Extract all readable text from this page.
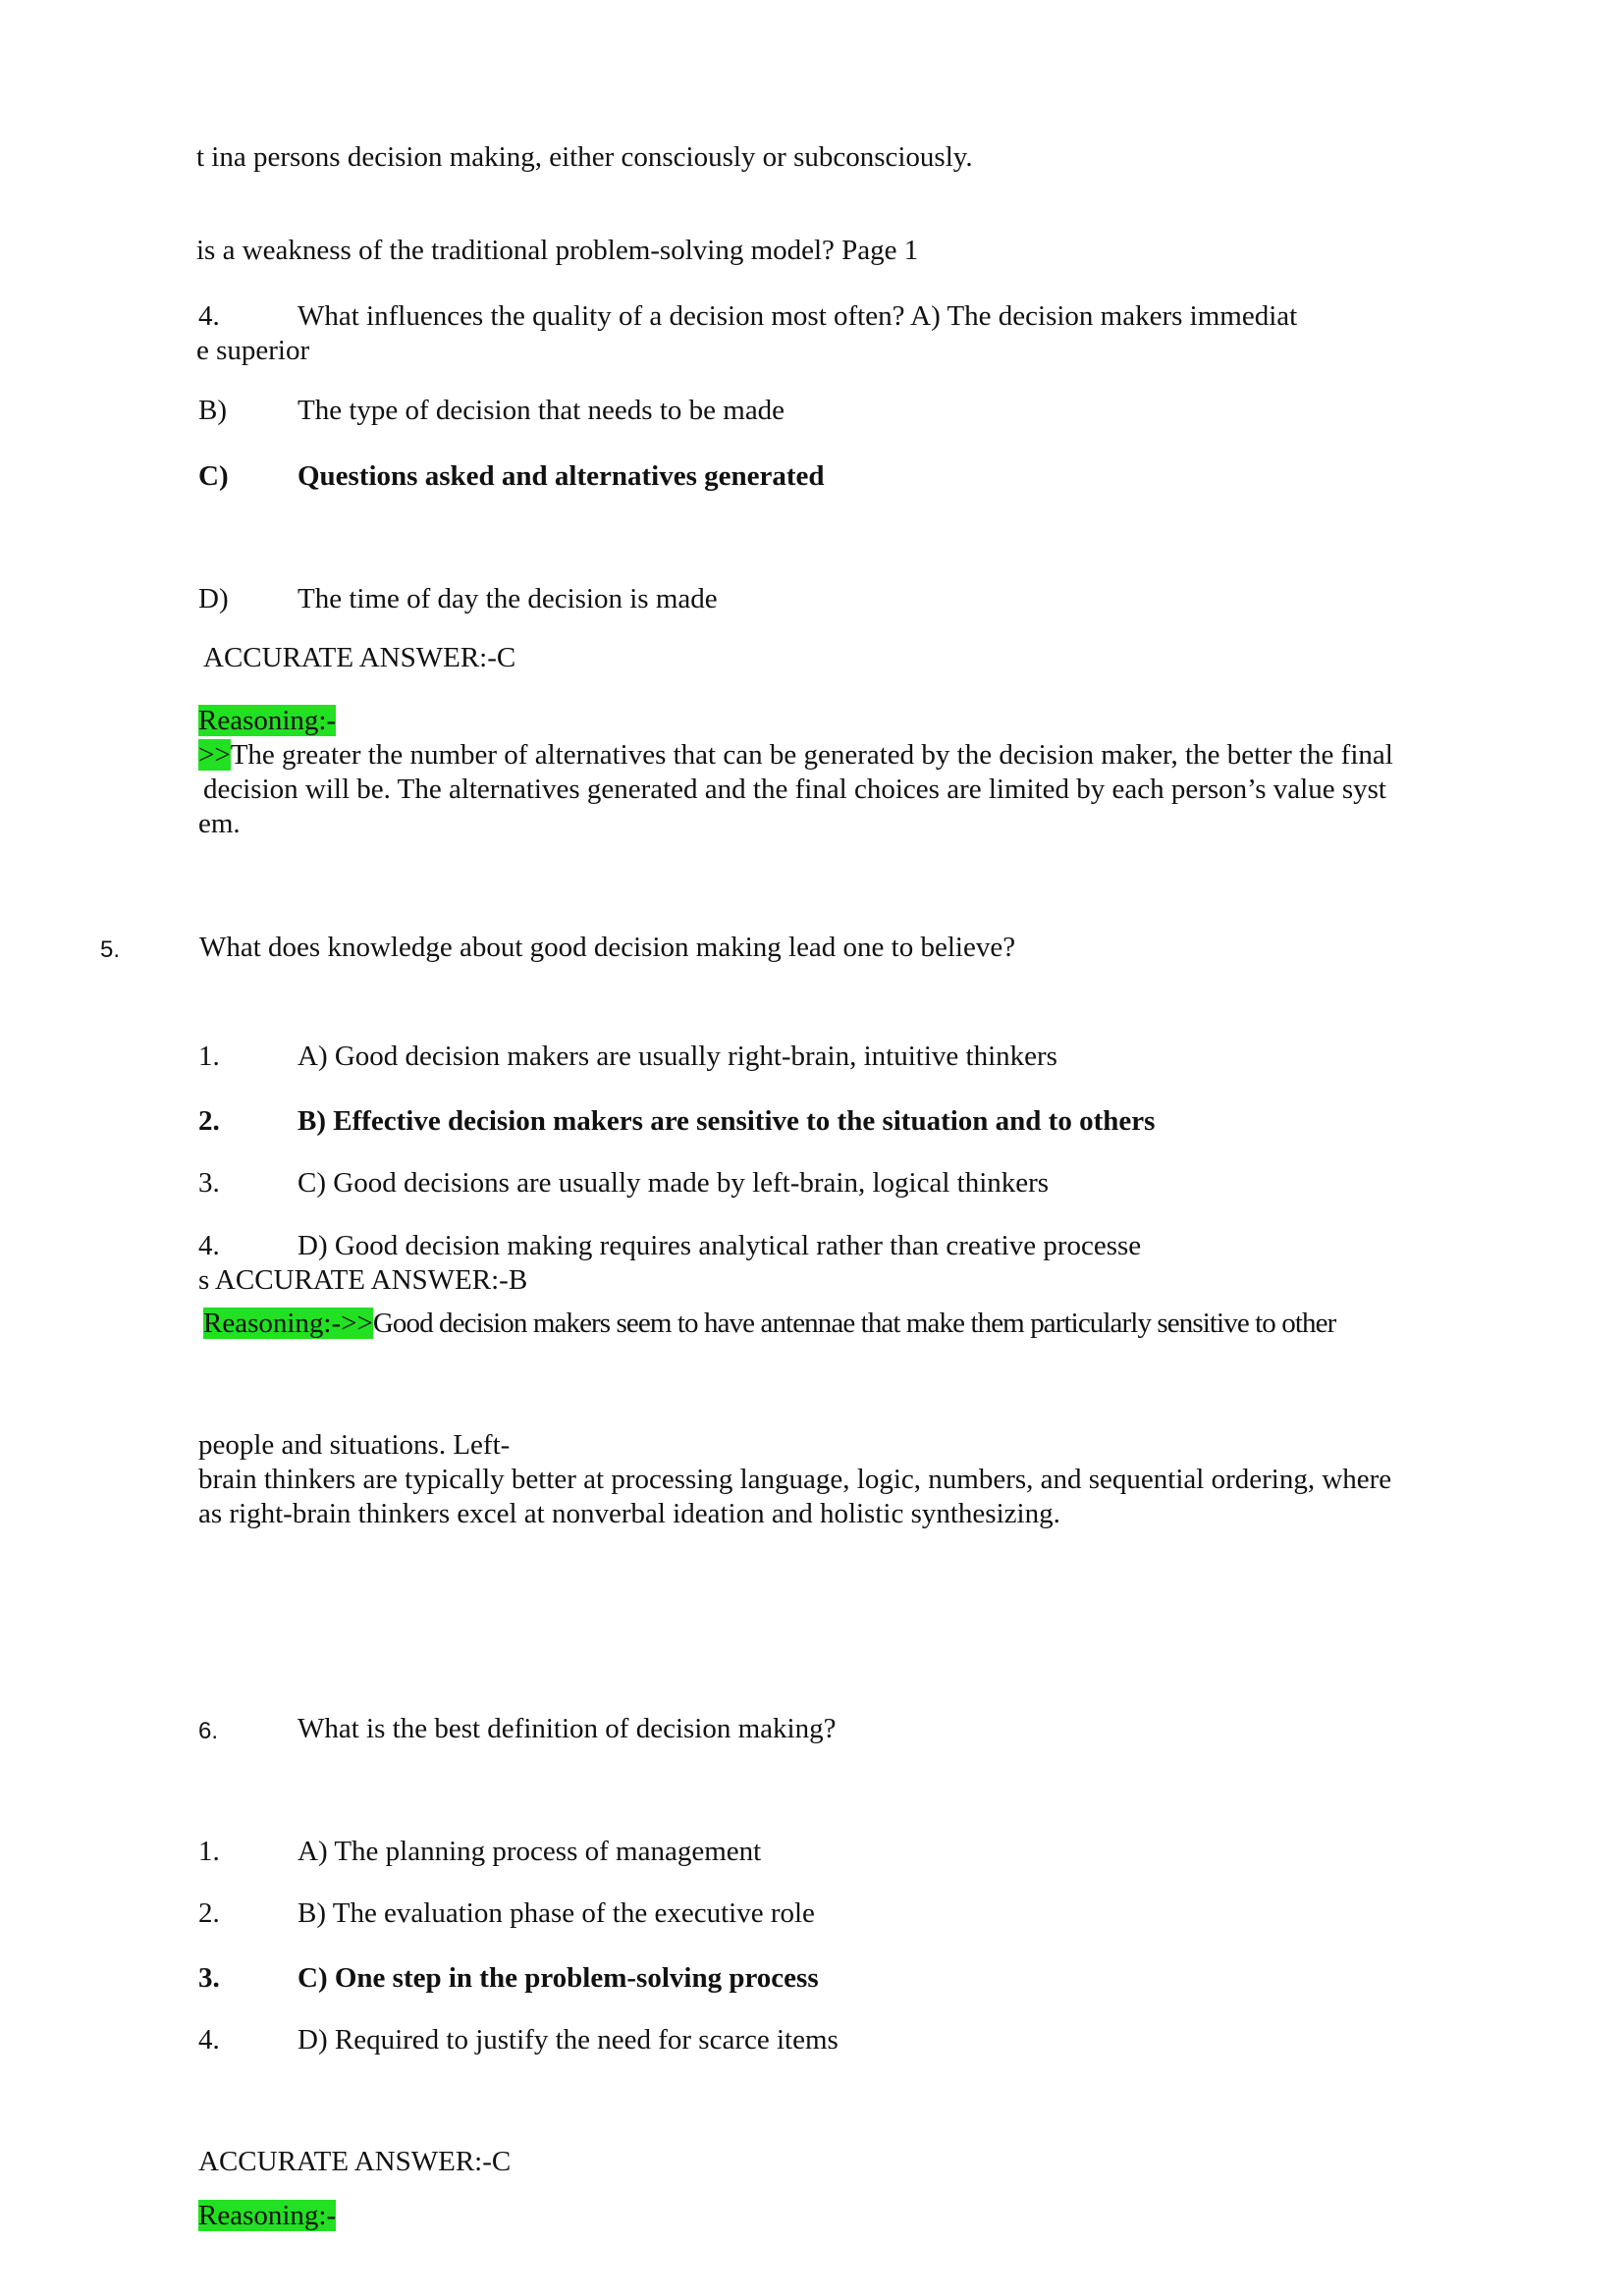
t ina persons decision making, either consciously or subconsciously.
is a weakness of the traditional problem-solving model? Page 1
4.	What influences the quality of a decision most often? A) The decision makers immediat
e superior
B) The type of decision that needs to be made
C) Questions asked and alternatives generated
D) The time of day the decision is made
ACCURATE ANSWER:-C
Reasoning:-
>>The greater the number of alternatives that can be generated by the decision maker, the better the final
decision will be. The alternatives generated and the final choices are limited by each person’s value syst
em.
5.	What does knowledge about good decision making lead one to believe?
1.	A) Good decision makers are usually right-brain, intuitive thinkers
2.	B) Effective decision makers are sensitive to the situation and to others
3.	C) Good decisions are usually made by left-brain, logical thinkers
4.	D) Good decision making requires analytical rather than creative processe
s ACCURATE ANSWER:-B
Reasoning:->>Good decision makers seem to have antennae that make them particularly sensitive to other
people and situations. Left-
brain thinkers are typically better at processing language, logic, numbers, and sequential ordering, where
as right-brain thinkers excel at nonverbal ideation and holistic synthesizing.
6.	What is the best definition of decision making?
1.	A) The planning process of management
2.	B) The evaluation phase of the executive role
3.	C) One step in the problem-solving process
4.	D) Required to justify the need for scarce items
ACCURATE ANSWER:-C
Reasoning:-
